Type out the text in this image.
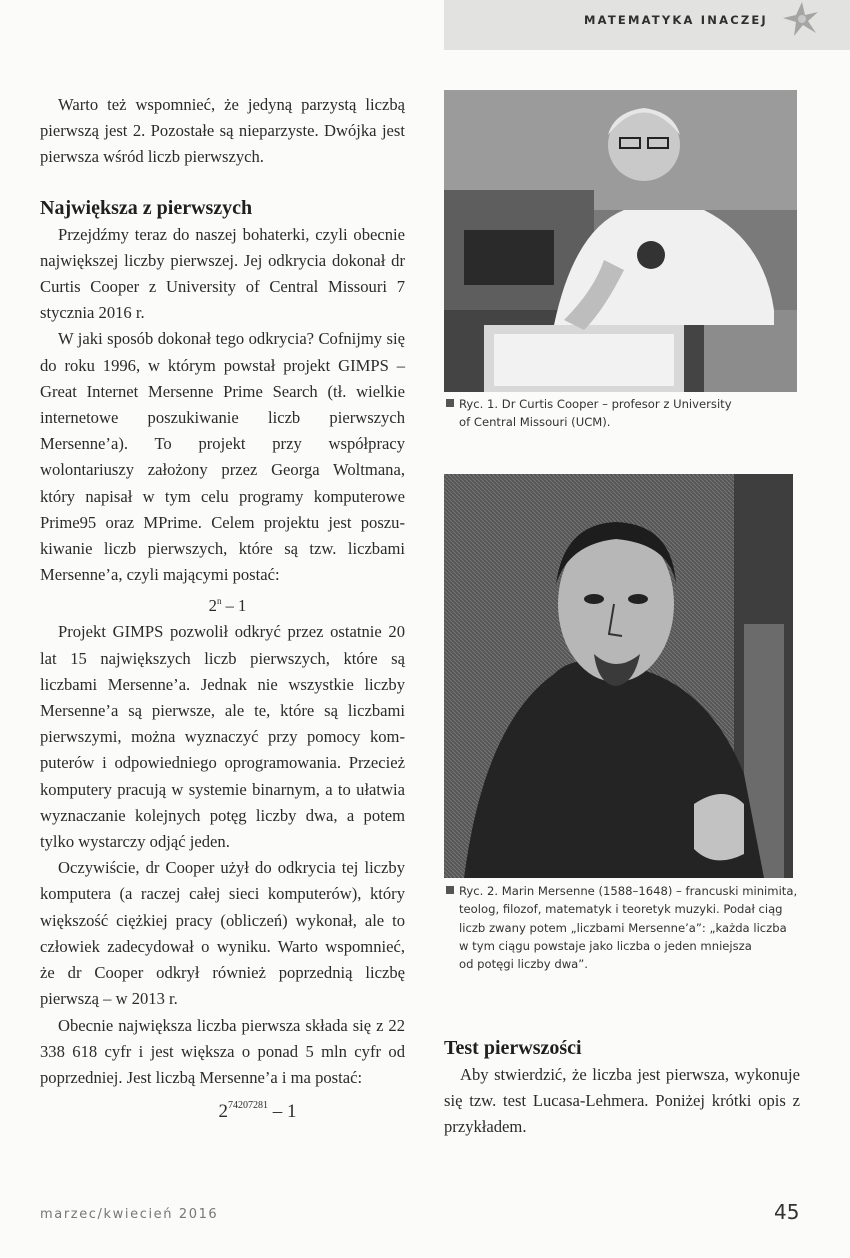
MATEMATYKA INACZEJ

Warto też wspomnieć, że jedyną parzystą liczbą pierwszą jest 2. Pozostałe są nieparzyste. Dwójka jest pierwsza wśród liczb pierwszych.

Największa z pierwszych

Przejdźmy teraz do naszej bohaterki, czyli obecnie największej liczby pierwszej. Jej odkrycia dokonał dr Curtis Cooper z University of Central Missouri 7 stycznia 2016 r.

W jaki sposób dokonał tego odkrycia? Cofnijmy się do roku 1996, w którym powstał projekt GIMPS – Great Internet Mersenne Prime Search (tł. wielkie internetowe poszukiwanie liczb pierwszych Mersenne’a). To projekt przy współpracy wolontariuszy założony przez Georga Woltmana, który napisał w tym celu programy komputerowe Prime95 oraz MPrime. Celem projektu jest poszukiwanie liczb pierwszych, które są tzw. liczbami Mersenne’a, czyli mającymi postać:

2$^n$ – 1

Projekt GIMPS pozwolił odkryć przez ostatnie 20 lat 15 największych liczb pierwszych, które są liczbami Mersenne’a. Jednak nie wszystkie liczby Mersenne’a są pierwsze, ale te, które są liczbami pierwszymi, można wyznaczyć przy pomocy komputerów i odpowiedniego oprogramowania. Przecież komputery pracują w systemie binarnym, a to ułatwia wyznaczanie kolejnych potęg liczby dwa, a potem tylko wystarczy odjąć jeden.

Oczywiście, dr Cooper użył do odkrycia tej liczby komputera (a raczej całej sieci komputerów), który większość ciężkiej pracy (obliczeń) wykonał, ale to człowiek zadecydował o wyniku. Warto wspomnieć, że dr Cooper odkrył również poprzednią liczbę pierwszą – w 2013 r.

Obecnie największa liczba pierwsza składa się z 22 338 618 cyfr i jest większa o ponad 5 mln cyfr od poprzedniej. Jest liczbą Mersenne’a i ma postać:

$2^{74207281} - 1$
Ryc. 1. Dr Curtis Cooper – profesor z University
of Central Missouri (UCM).
Ryc. 2. Marin Mersenne (1588–1648) – francuski minimita,
teolog, filozof, matematyk i teoretyk muzyki. Podał ciąg
liczb zwany potem „liczbami Mersenne’a”: „każda liczba
w tym ciągu powstaje jako liczba o jeden mniejsza
od potęgi liczby dwa”.
Test pierwszości

Aby stwierdzić, że liczba jest pierwsza, wykonuje się tzw. test Lucasa-Lehmera. Poniżej krótki opis z przykładem.

marzec/kwiecień 2016	45
